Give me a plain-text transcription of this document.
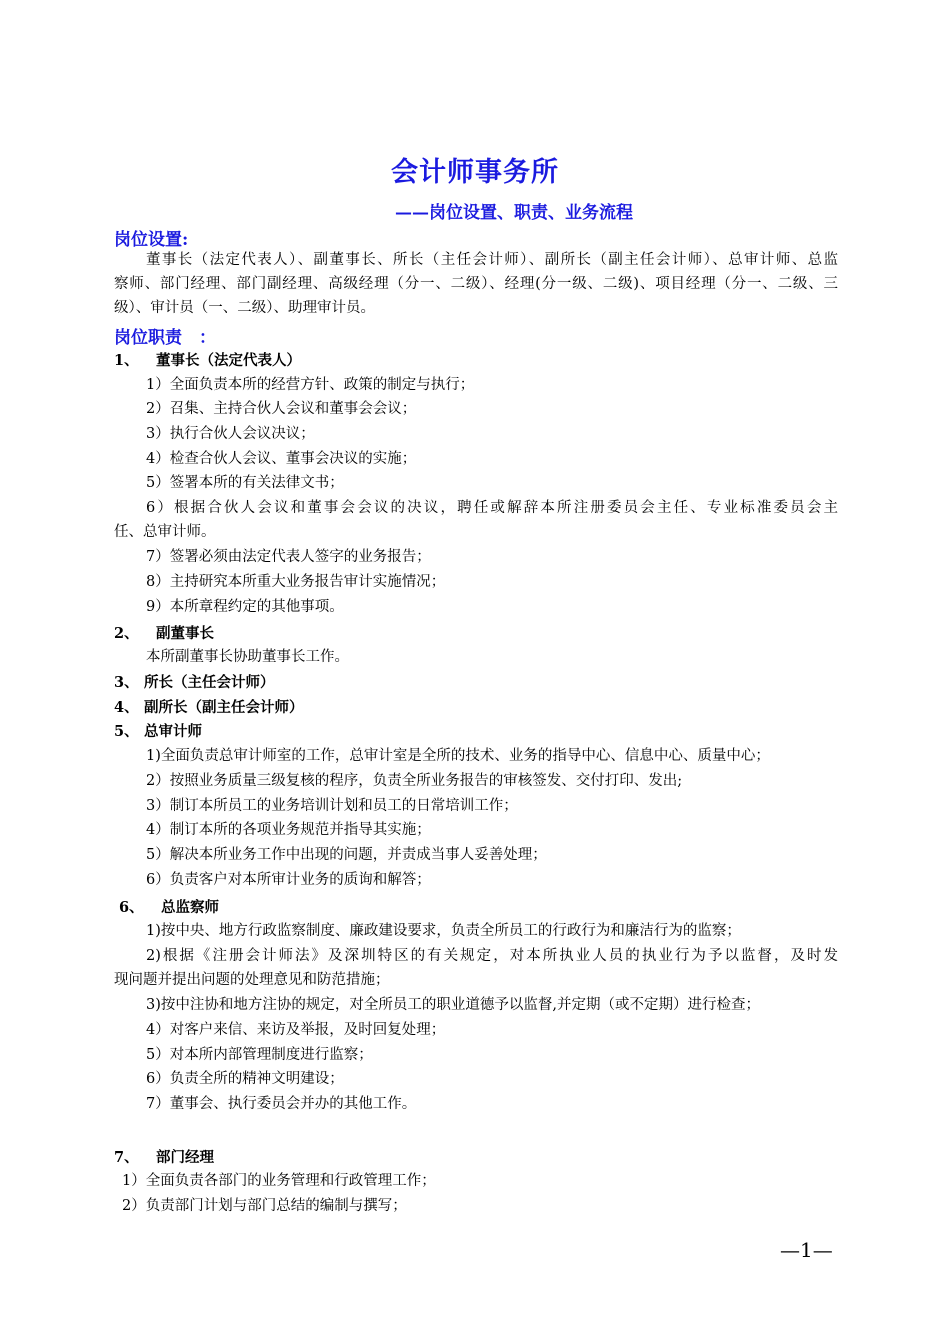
会计师事务所
——岗位设置、职责、业务流程
岗位设置:
董事长（法定代表人）、副董事长、所长（主任会计师）、副所长（副主任会计师）、总审计师、总监
察师、部门经理、部门副经理、高级经理（分一、二级）、经理(分一级、二级)、项目经理（分一、二级、三
级）、审计员（一、二级）、助理审计员。
岗位职责　：
1、 董事长（法定代表人）
1）全面负责本所的经营方针、政策的制定与执行；
2）召集、主持合伙人会议和董事会会议；
3）执行合伙人会议决议；
4）检查合伙人会议、董事会决议的实施；
5）签署本所的有关法律文书；
6）根据合伙人会议和董事会会议的决议，聘任或解辞本所注册委员会主任、专业标准委员会主
任、总审计师。
7）签署必须由法定代表人签字的业务报告；
8）主持研究本所重大业务报告审计实施情况；
9）本所章程约定的其他事项。
2、 副董事长
本所副董事长协助董事长工作。
3、 所长（主任会计师）
4、 副所长（副主任会计师）
5、 总审计师
1)全面负责总审计师室的工作，总审计室是全所的技术、业务的指导中心、信息中心、质量中心；
2）按照业务质量三级复核的程序，负责全所业务报告的审核签发、交付打印、发出;
3）制订本所员工的业务培训计划和员工的日常培训工作；
4）制订本所的各项业务规范并指导其实施；
5）解决本所业务工作中出现的问题，并责成当事人妥善处理；
6）负责客户对本所审计业务的质询和解答；
6、 总监察师
1)按中央、地方行政监察制度、廉政建设要求，负责全所员工的行政行为和廉洁行为的监察；
2)根据《注册会计师法》及深圳特区的有关规定，对本所执业人员的执业行为予以监督，及时发
现问题并提出问题的处理意见和防范措施；
3)按中注协和地方注协的规定，对全所员工的职业道德予以监督,并定期（或不定期）进行检查；
4）对客户来信、来访及举报，及时回复处理；
5）对本所内部管理制度进行监察；
6）负责全所的精神文明建设；
7）董事会、执行委员会并办的其他工作。
7、 部门经理
1）全面负责各部门的业务管理和行政管理工作；
2）负责部门计划与部门总结的编制与撰写；
—1—
